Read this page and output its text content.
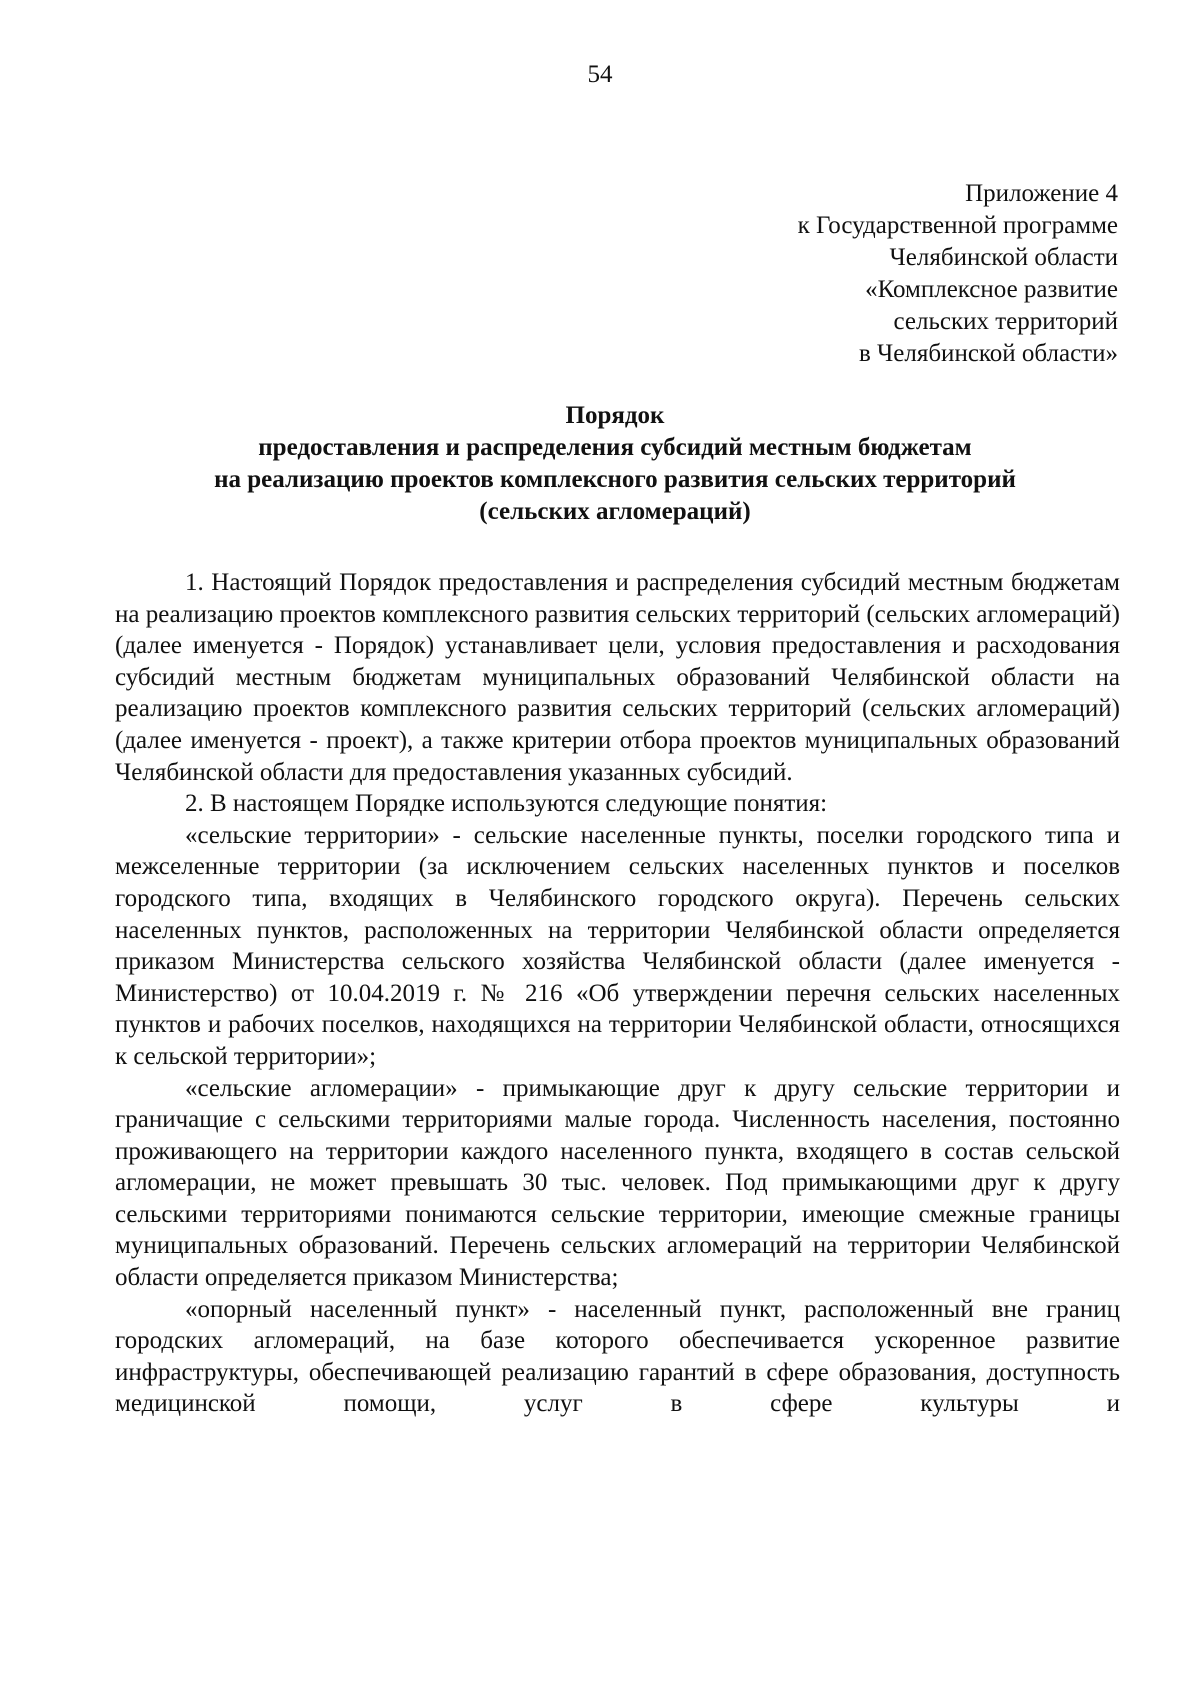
54
Приложение 4
к Государственной программе
Челябинской области
«Комплексное развитие
сельских территорий
в Челябинской области»
Порядок
предоставления и распределения субсидий местным бюджетам
на реализацию проектов комплексного развития сельских территорий
(сельских агломераций)

1. Настоящий Порядок предоставления и распределения субсидий местным бюджетам на реализацию проектов комплексного развития сельских территорий (сельских агломераций) (далее именуется - Порядок) устанавливает цели, условия предоставления и расходования субсидий местным бюджетам муниципальных образований Челябинской области на реализацию проектов комплексного развития сельских территорий (сельских агломераций) (далее именуется - проект), а также критерии отбора проектов муниципальных образований Челябинской области для предоставления указанных субсидий.

2. В настоящем Порядке используются следующие понятия:

«сельские территории» - сельские населенные пункты, поселки городского типа и межселенные территории (за исключением сельских населенных пунктов и поселков городского типа, входящих в Челябинского городского округа). Перечень сельских населенных пунктов, расположенных на территории Челябинской области определяется приказом Министерства сельского хозяйства Челябинской области (далее именуется - Министерство) от 10.04.2019 г. № 216 «Об утверждении перечня сельских населенных пунктов и рабочих поселков, находящихся на территории Челябинской области, относящихся к сельской территории»;

«сельские агломерации» - примыкающие друг к другу сельские территории и граничащие с сельскими территориями малые города. Численность населения, постоянно проживающего на территории каждого населенного пункта, входящего в состав сельской агломерации, не может превышать 30 тыс. человек. Под примыкающими друг к другу сельскими территориями понимаются сельские территории, имеющие смежные границы муниципальных образований. Перечень сельских агломераций на территории Челябинской области определяется приказом Министерства;

«опорный населенный пункт» - населенный пункт, расположенный вне границ городских агломераций, на базе которого обеспечивается ускоренное развитие инфраструктуры, обеспечивающей реализацию гарантий в сфере образования, доступность медицинской помощи, услуг в сфере культуры и
